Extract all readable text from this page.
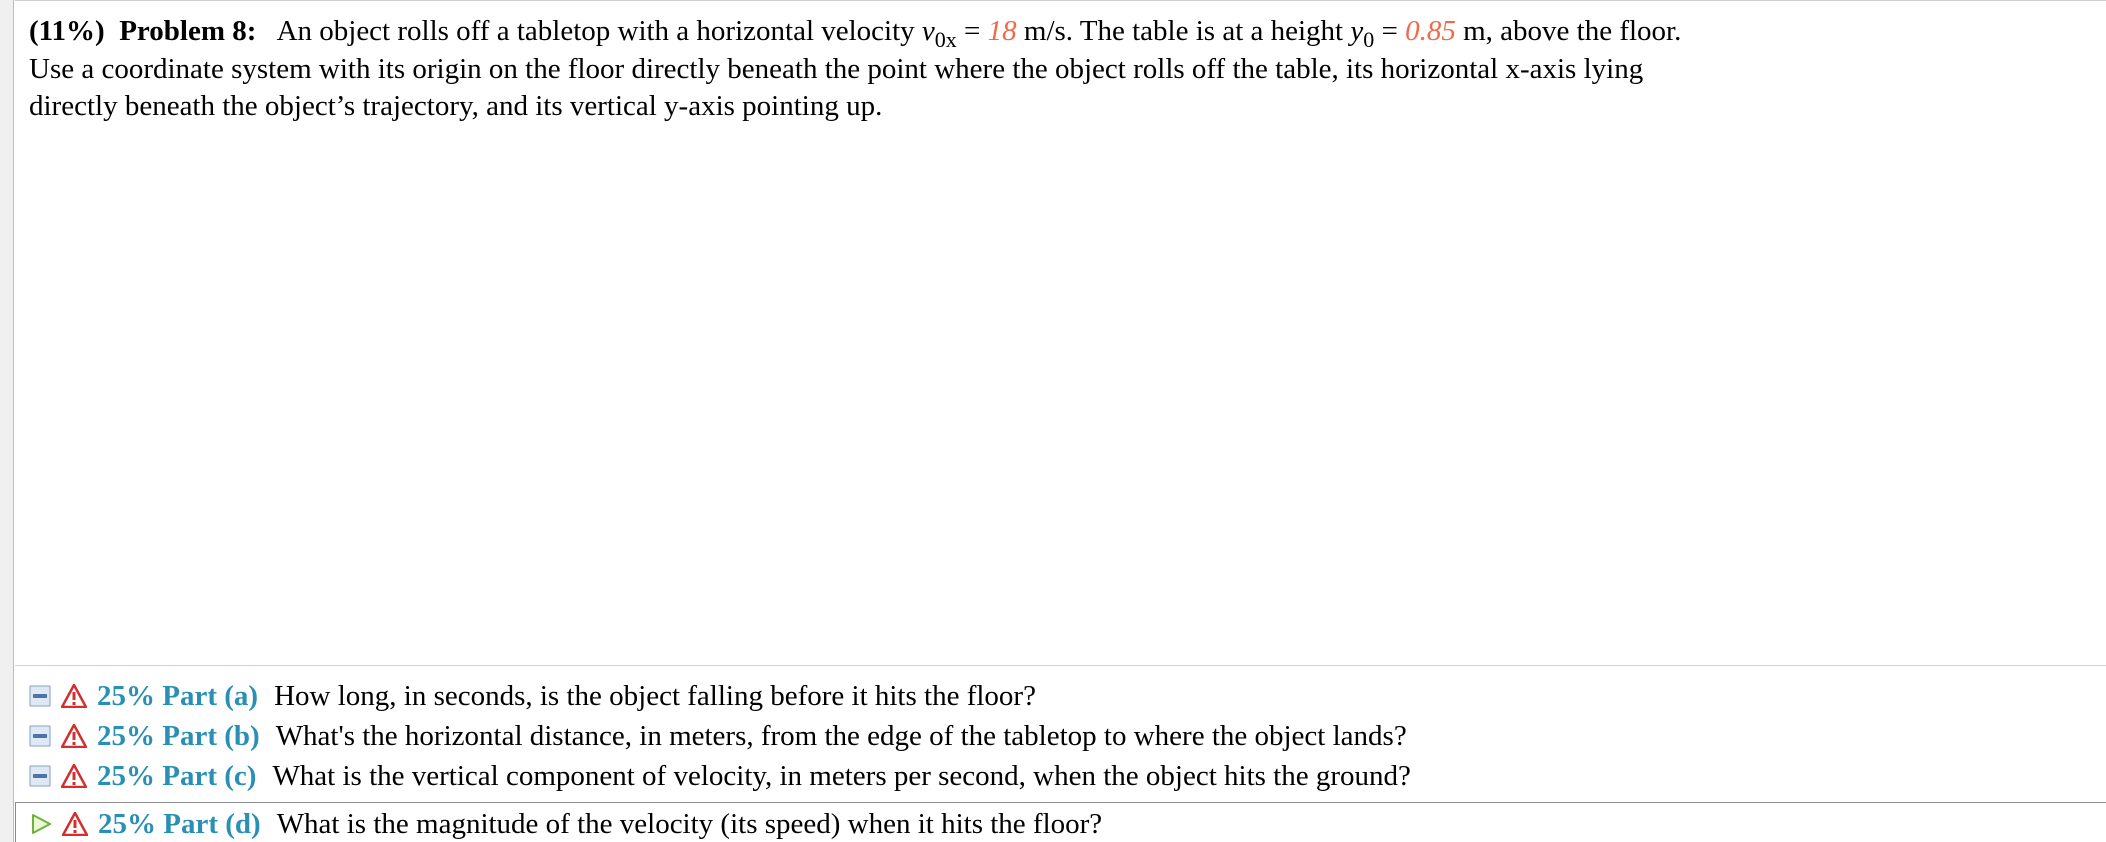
(11%) Problem 8: An object rolls off a tabletop with a horizontal velocity $v_{0x} = 18$ m/s. The table is at a height $y_0 = 0.85$ m, above the floor.
Use a coordinate system with its origin on the floor directly beneath the point where the object rolls off the table, its horizontal x-axis lying
directly beneath the object’s trajectory, and its vertical y-axis pointing up.
25% Part (a) How long, in seconds, is the object falling before it hits the floor?
25% Part (b) What's the horizontal distance, in meters, from the edge of the tabletop to where the object lands?
25% Part (c) What is the vertical component of velocity, in meters per second, when the object hits the ground?
25% Part (d) What is the magnitude of the velocity (its speed) when it hits the floor?
